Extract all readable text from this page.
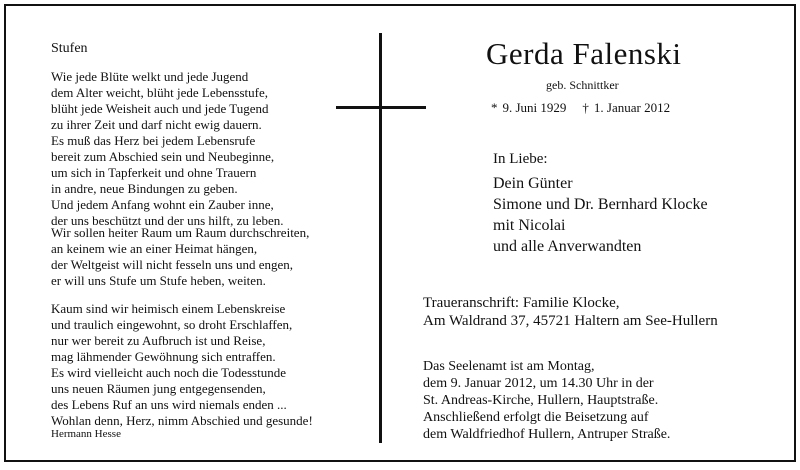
Stufen
Wie jede Blüte welkt und jede Jugend
dem Alter weicht, blüht jede Lebensstufe,
blüht jede Weisheit auch und jede Tugend
zu ihrer Zeit und darf nicht ewig dauern.
Es muß das Herz bei jedem Lebensrufe
bereit zum Abschied sein und Neubeginne,
um sich in Tapferkeit und ohne Trauern
in andre, neue Bindungen zu geben.
Und jedem Anfang wohnt ein Zauber inne,
der uns beschützt und der uns hilft, zu leben.
Wir sollen heiter Raum um Raum durchschreiten,
an keinem wie an einer Heimat hängen,
der Weltgeist will nicht fesseln uns und engen,
er will uns Stufe um Stufe heben, weiten.
Kaum sind wir heimisch einem Lebenskreise
und traulich eingewohnt, so droht Erschlaffen,
nur wer bereit zu Aufbruch ist und Reise,
mag lähmender Gewöhnung sich entraffen.
Es wird vielleicht auch noch die Todesstunde
uns neuen Räumen jung entgegensenden,
des Lebens Ruf an uns wird niemals enden ...
Wohlan denn, Herz, nimm Abschied und gesunde!
Hermann Hesse
Gerda Falenski
geb. Schnittker
* 9. Juni 1929 † 1. Januar 2012
In Liebe:
Dein Günter
Simone und Dr. Bernhard Klocke
mit Nicolai
und alle Anverwandten
Traueranschrift: Familie Klocke,
Am Waldrand 37, 45721 Haltern am See-Hullern
Das Seelenamt ist am Montag,
dem 9. Januar 2012, um 14.30 Uhr in der
St. Andreas-Kirche, Hullern, Hauptstraße.
Anschließend erfolgt die Beisetzung auf
dem Waldfriedhof Hullern, Antruper Straße.
